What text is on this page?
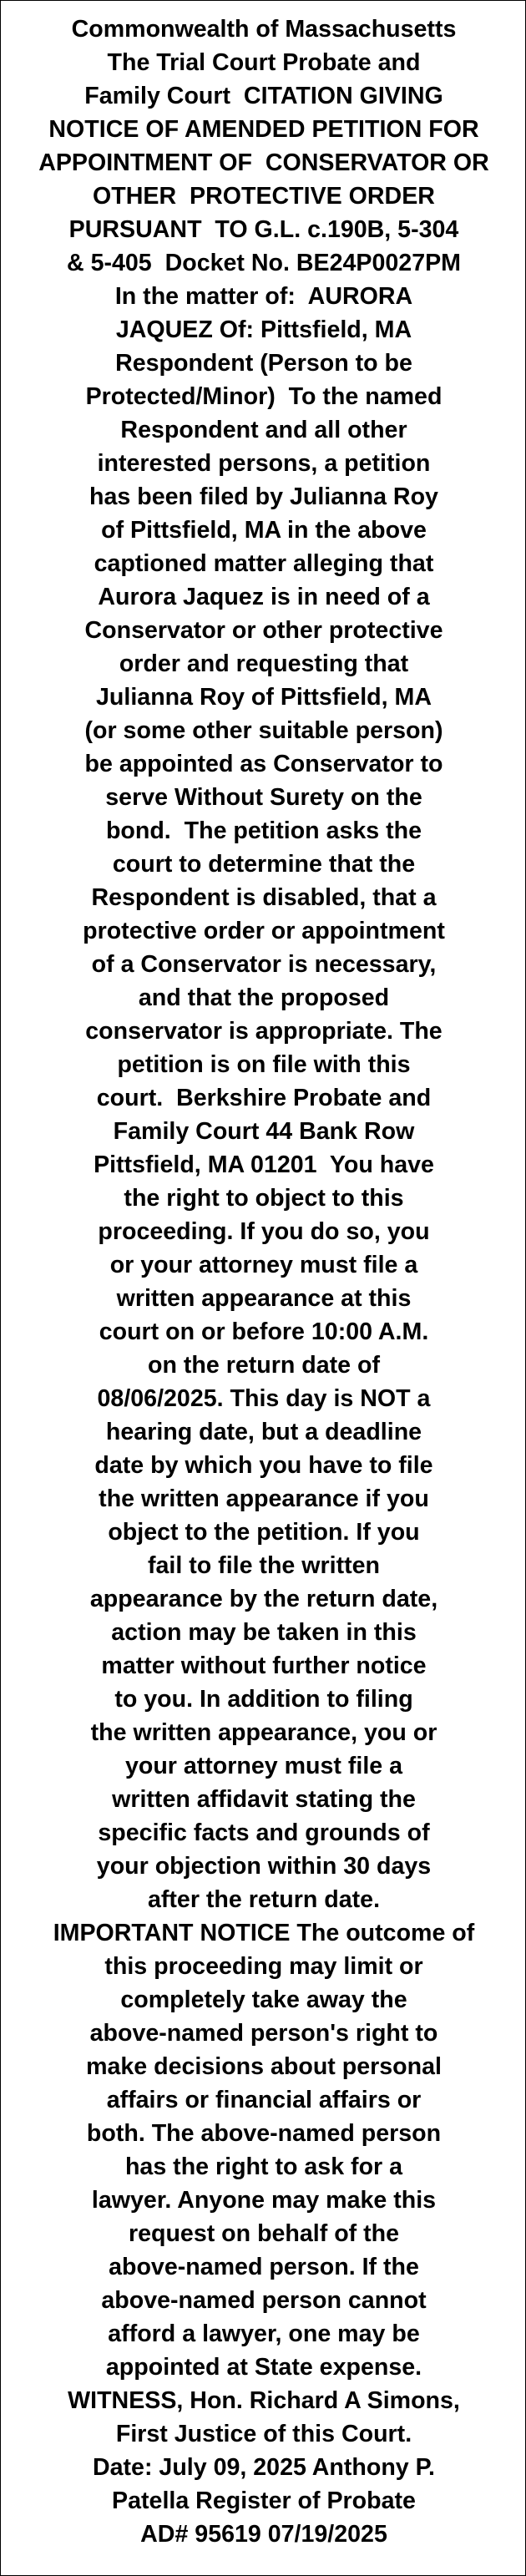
Commonwealth of Massachusetts
The Trial Court Probate and
Family Court  CITATION GIVING
NOTICE OF AMENDED PETITION FOR
APPOINTMENT OF  CONSERVATOR OR
OTHER  PROTECTIVE ORDER
PURSUANT  TO G.L. c.190B, 5-304
& 5-405  Docket No. BE24P0027PM
In the matter of:  AURORA
JAQUEZ Of: Pittsfield, MA
Respondent (Person to be
Protected/Minor)  To the named
Respondent and all other
interested persons, a petition
has been filed by Julianna Roy
of Pittsfield, MA in the above
captioned matter alleging that
Aurora Jaquez is in need of a
Conservator or other protective
order and requesting that
Julianna Roy of Pittsfield, MA
(or some other suitable person)
be appointed as Conservator to
serve Without Surety on the
bond.  The petition asks the
court to determine that the
Respondent is disabled, that a
protective order or appointment
of a Conservator is necessary,
and that the proposed
conservator is appropriate. The
petition is on file with this
court.  Berkshire Probate and
Family Court 44 Bank Row
Pittsfield, MA 01201  You have
the right to object to this
proceeding. If you do so, you
or your attorney must file a
written appearance at this
court on or before 10:00 A.M.
on the return date of
08/06/2025. This day is NOT a
hearing date, but a deadline
date by which you have to file
the written appearance if you
object to the petition. If you
fail to file the written
appearance by the return date,
action may be taken in this
matter without further notice
to you. In addition to filing
the written appearance, you or
your attorney must file a
written affidavit stating the
specific facts and grounds of
your objection within 30 days
after the return date.
IMPORTANT NOTICE The outcome of
this proceeding may limit or
completely take away the
above-named person's right to
make decisions about personal
affairs or financial affairs or
both. The above-named person
has the right to ask for a
lawyer. Anyone may make this
request on behalf of the
above-named person. If the
above-named person cannot
afford a lawyer, one may be
appointed at State expense.
WITNESS, Hon. Richard A Simons,
First Justice of this Court.
Date: July 09, 2025 Anthony P.
Patella Register of Probate
AD# 95619 07/19/2025
